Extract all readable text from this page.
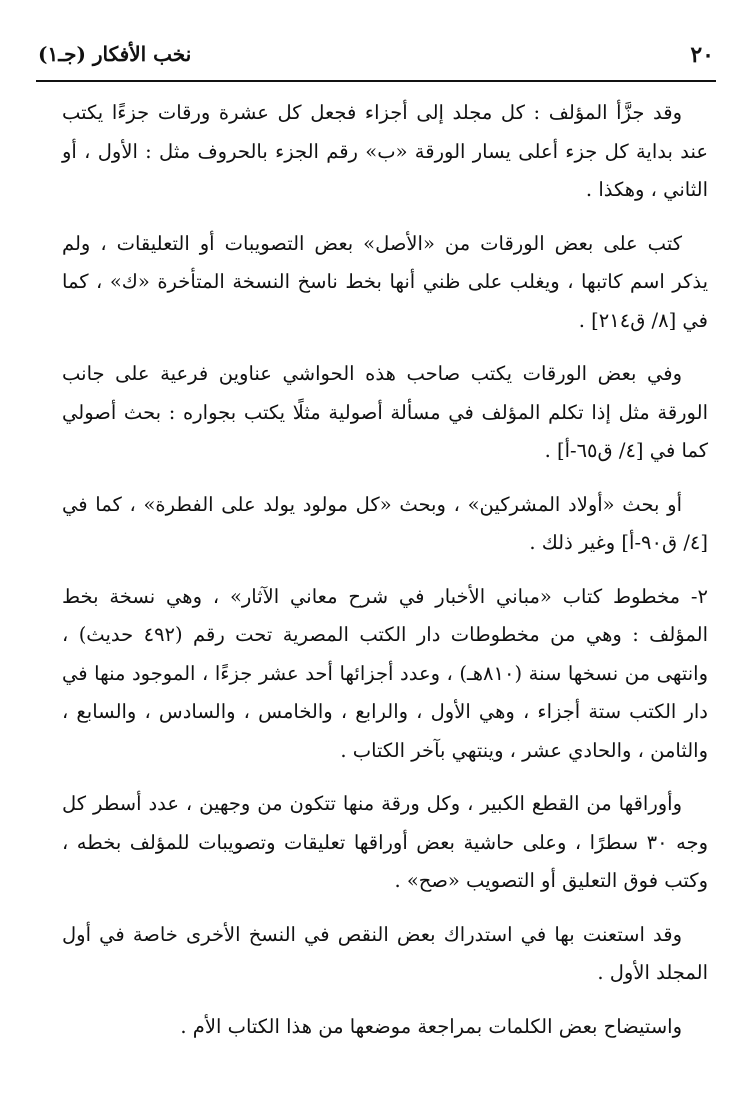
٢٠
نخب الأفكار (جـ١)

وقد جزَّأ المؤلف : كل مجلد إلى أجزاء فجعل كل عشرة ورقات جزءًا يكتب عند بداية كل جزء أعلى يسار الورقة «ب» رقم الجزء بالحروف مثل : الأول ، أو الثاني ، وهكذا .

كتب على بعض الورقات من «الأصل» بعض التصويبات أو التعليقات ، ولم يذكر اسم كاتبها ، ويغلب على ظني أنها بخط ناسخ النسخة المتأخرة «ك» ، كما في [٨/ ق٢١٤] .

وفي بعض الورقات يكتب صاحب هذه الحواشي عناوين فرعية على جانب الورقة مثل إذا تكلم المؤلف في مسألة أصولية مثلًا يكتب بجواره : بحث أصولي كما في [٤/ ق٦٥-أ] .

أو بحث «أولاد المشركين» ، وبحث «كل مولود يولد على الفطرة» ، كما في [٤/ ق٩٠-أ] وغير ذلك .

٢- مخطوط كتاب «مباني الأخبار في شرح معاني الآثار» ، وهي نسخة بخط المؤلف : وهي من مخطوطات دار الكتب المصرية تحت رقم (٤٩٢ حديث) ، وانتهى من نسخها سنة (٨١٠هـ) ، وعدد أجزائها أحد عشر جزءًا ، الموجود منها في دار الكتب ستة أجزاء ، وهي الأول ، والرابع ، والخامس ، والسادس ، والسابع ، والثامن ، والحادي عشر ، وينتهي بآخر الكتاب .

وأوراقها من القطع الكبير ، وكل ورقة منها تتكون من وجهين ، عدد أسطر كل وجه ٣٠ سطرًا ، وعلى حاشية بعض أوراقها تعليقات وتصويبات للمؤلف بخطه ، وكتب فوق التعليق أو التصويب «صح» .

وقد استعنت بها في استدراك بعض النقص في النسخ الأخرى خاصة في أول المجلد الأول .

واستيضاح بعض الكلمات بمراجعة موضعها من هذا الكتاب الأم .
